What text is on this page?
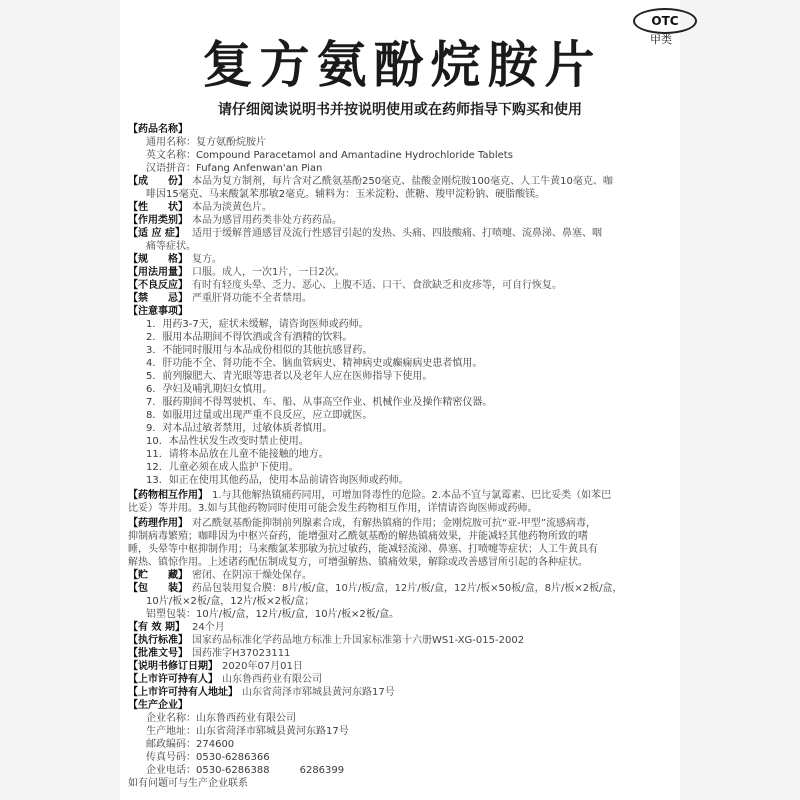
OTC
甲类
复方氨酚烷胺片
请仔细阅读说明书并按说明使用或在药师指导下购买和使用
【药品名称】
通用名称：复方氨酚烷胺片
英文名称：Compound Paracetamol and Amantadine Hydrochloride Tablets
汉语拼音：Fufang Anfenwan'an Pian
【成　　份】 本品为复方制剂，每片含对乙酰氨基酚250毫克、盐酸金刚烷胺100毫克、人工牛黄10毫克、咖
啡因15毫克、马来酸氯苯那敏2毫克。辅料为：玉米淀粉、蔗糖、羧甲淀粉钠、硬脂酸镁。
【性　　状】 本品为淡黄色片。
【作用类别】 本品为感冒用药类非处方药药品。
【适 应 症】 适用于缓解普通感冒及流行性感冒引起的发热、头痛、四肢酸痛、打喷嚏、流鼻涕、鼻塞、咽
痛等症状。
【规　　格】 复方。
【用法用量】 口服。成人，一次1片，一日2次。
【不良反应】 有时有轻度头晕、乏力、恶心、上腹不适、口干、食欲缺乏和皮疹等，可自行恢复。
【禁　　忌】 严重肝肾功能不全者禁用。
【注意事项】
1．用药3-7天，症状未缓解，请咨询医师或药师。
2．服用本品期间不得饮酒或含有酒精的饮料。
3．不能同时服用与本品成份相似的其他抗感冒药。
4．肝功能不全、肾功能不全、脑血管病史、精神病史或癫痫病史患者慎用。
5．前列腺肥大、青光眼等患者以及老年人应在医师指导下使用。
6．孕妇及哺乳期妇女慎用。
7．服药期间不得驾驶机、车、船、从事高空作业、机械作业及操作精密仪器。
8．如服用过量或出现严重不良反应，应立即就医。
9．对本品过敏者禁用，过敏体质者慎用。
10．本品性状发生改变时禁止使用。
11．请将本品放在儿童不能接触的地方。
12．儿童必须在成人监护下使用。
13．如正在使用其他药品，使用本品前请咨询医师或药师。
【药物相互作用】 1.与其他解热镇痛药同用，可增加肾毒性的危险。2.本品不宜与氯霉素、巴比妥类（如苯巴
比妥）等并用。3.如与其他药物同时使用可能会发生药物相互作用，详情请咨询医师或药师。
【药理作用】 对乙酰氨基酚能抑制前列腺素合成，有解热镇痛的作用；金刚烷胺可抗“亚-甲型”流感病毒，
抑制病毒繁殖；咖啡因为中枢兴奋药，能增强对乙酰氨基酚的解热镇痛效果，并能减轻其他药物所致的嗜
睡，头晕等中枢抑制作用；马来酸氯苯那敏为抗过敏药，能减轻流涕、鼻塞、打喷嚏等症状；人工牛黄具有
解热、镇惊作用。上述诸药配伍制成复方，可增强解热、镇痛效果，解除或改善感冒所引起的各种症状。
【贮　　藏】 密闭、在阴凉干燥处保存。
【包　　装】 药品包装用复合膜：8片/板/盒，10片/板/盒，12片/板/盒，12片/板×50板/盒，8片/板×2板/盒，
10片/板×2板/盒，12片/板×2板/盒；
铝塑包装：10片/板/盒，12片/板/盒，10片/板×2板/盒。
【有 效 期】 24个月
【执行标准】 国家药品标准化学药品地方标准上升国家标准第十六册WS1-XG-015-2002
【批准文号】 国药准字H37023111
【说明书修订日期】 2020年07月01日
【上市许可持有人】 山东鲁西药业有限公司
【上市许可持有人地址】 山东省菏泽市郓城县黄河东路17号
【生产企业】
企业名称：山东鲁西药业有限公司
生产地址：山东省菏泽市郓城县黄河东路17号
邮政编码：274600
传真号码：0530-6286366
企业电话：0530-6286388　　　6286399
如有问题可与生产企业联系
